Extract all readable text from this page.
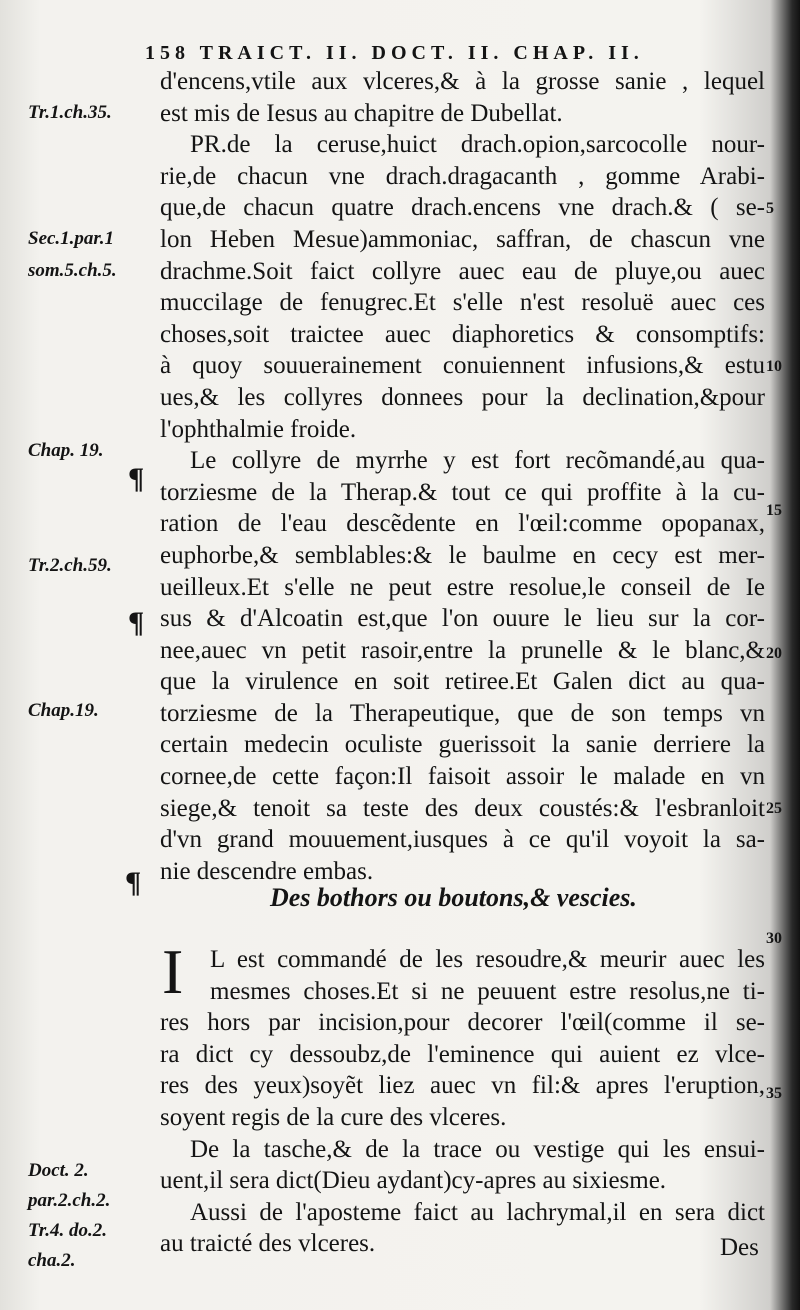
158 TRAICT. II. DOCT. II. CHAP. II.
d'encens,vtile aux vlceres,& à la grosse sanie , lequel
est mis de Iesus au chapitre de Dubellat.
PR.de la ceruse,huict drach.opion,sarcocolle nour-
rie,de chacun vne drach.dragacanth , gomme Arabi-
que,de chacun quatre drach.encens vne drach.& ( se-
lon Heben Mesue)ammoniac, saffran, de chascun vne
drachme.Soit faict collyre auec eau de pluye,ou auec
muccilage de fenugrec.Et s'elle n'est resoluë auec ces
choses,soit traictee auec diaphoretics & consomptifs:
à quoy souuerainement conuiennent infusions,& estu
ues,& les collyres donnees pour la declination,&pour
l'ophthalmie froide.
Le collyre de myrrhe y est fort recõmandé,au qua-
torziesme de la Therap.& tout ce qui proffite à la cu-
ration de l'eau descẽdente en l'œil:comme opopanax,
euphorbe,& semblables:& le baulme en cecy est mer-
ueilleux.Et s'elle ne peut estre resolue,le conseil de Ie
sus & d'Alcoatin est,que l'on ouure le lieu sur la cor-
nee,auec vn petit rasoir,entre la prunelle & le blanc,&
que la virulence en soit retiree.Et Galen dict au qua-
torziesme de la Therapeutique, que de son temps vn
certain medecin oculiste guerissoit la sanie derriere la
cornee,de cette façon:Il faisoit assoir le malade en vn
siege,& tenoit sa teste des deux coustés:& l'esbranloit
d'vn grand mouuement,iusques à ce qu'il voyoit la sa-
nie descendre embas.
Tr.1.ch.35.
Sec.1.par.1
som.5.ch.5.
Chap. 19.
Tr.2.ch.59.
Chap.19.
Doct. 2.
par.2.ch.2.
Tr.4. do.2.
cha.2.
¶
¶
¶
5
10
15
20
25
30
35
Des bothors ou boutons,& vescies.
I	L est commandé de les resoudre,& meurir auec les
mesmes choses.Et si ne peuuent estre resolus,ne ti-
res hors par incision,pour decorer l'œil(comme il se-
ra dict cy dessoubz,de l'eminence qui auient ez vlce-
res des yeux)soyẽt liez auec vn fil:& apres l'eruption,
soyent regis de la cure des vlceres.
De la tasche,& de la trace ou vestige qui les ensui-
uent,il sera dict(Dieu aydant)cy-apres au sixiesme.
Aussi de l'aposteme faict au lachrymal,il en sera dict
au traicté des vlceres.	Des
